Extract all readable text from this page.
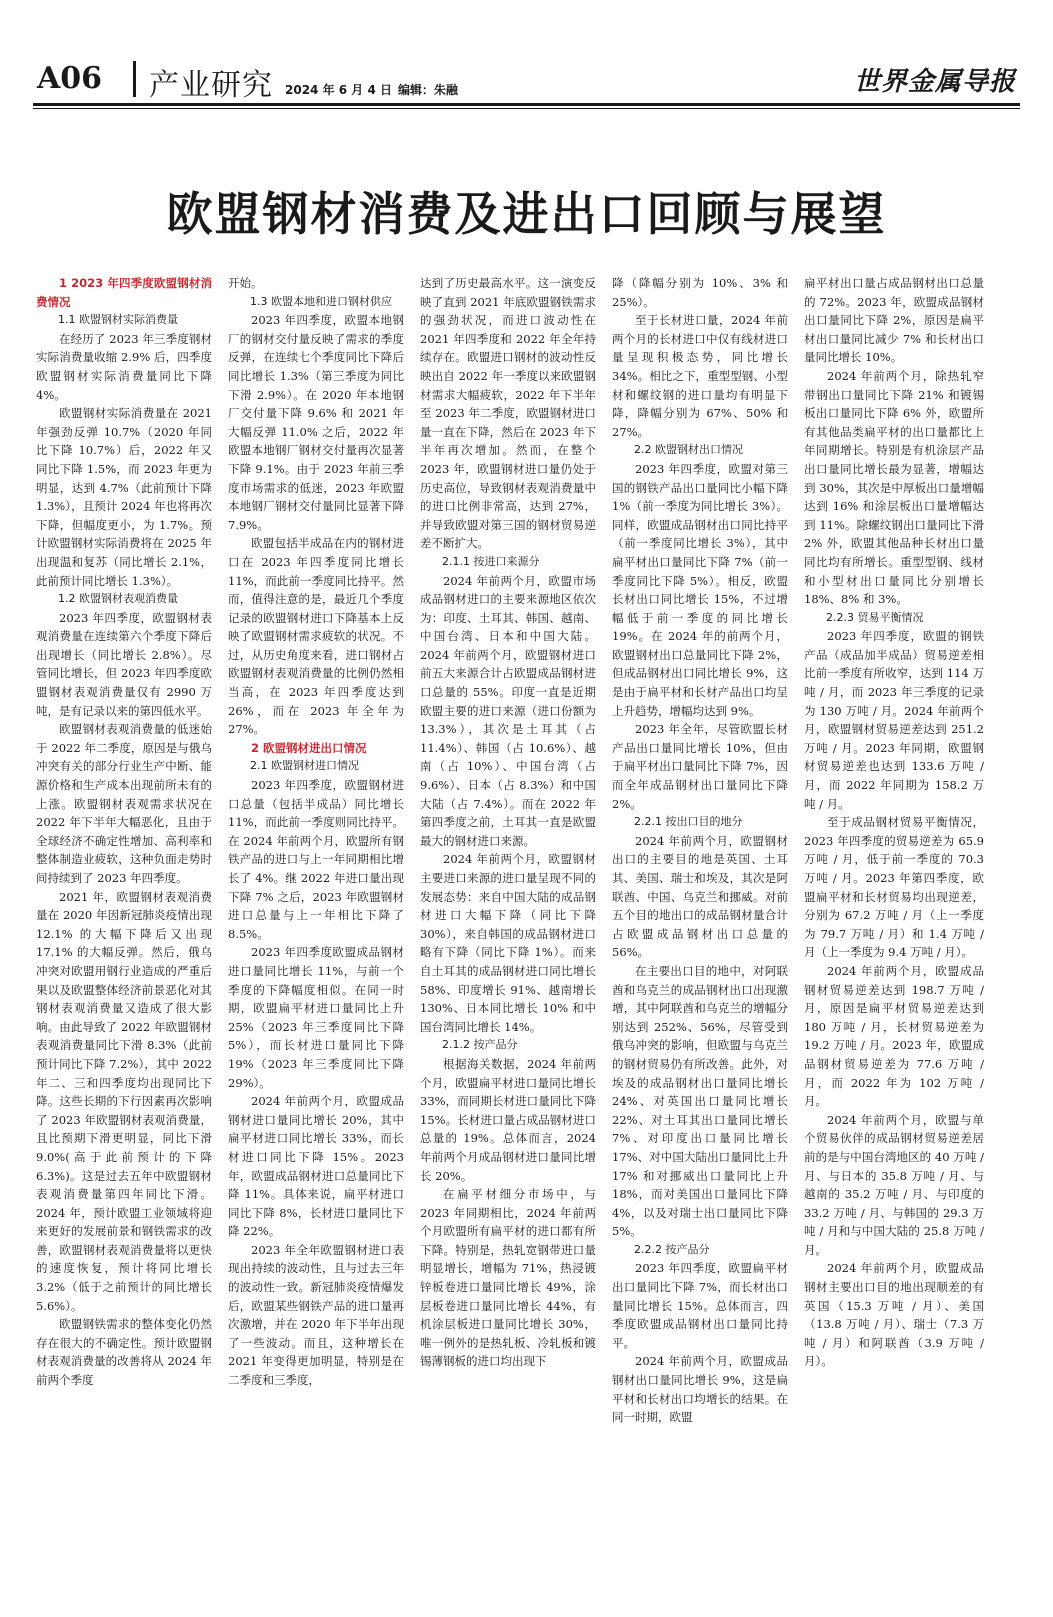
A06 产业研究 2024 年 6 月 4 日 编辑：朱融	世界金属导报
欧盟钢材消费及进出口回顾与展望

1 2023 年四季度欧盟钢材消费情况

1.1 欧盟钢材实际消费量

在经历了 2023 年三季度钢材实际消费量收缩 2.9% 后，四季度欧盟钢材实际消费量同比下降 4%。

欧盟钢材实际消费量在 2021 年强劲反弹 10.7%（2020 年同比下降 10.7%）后，2022 年又同比下降 1.5%，而 2023 年更为明显，达到 4.7%（此前预计下降 1.3%），且预计 2024 年也将再次下降，但幅度更小，为 1.7%。预计欧盟钢材实际消费将在 2025 年出现温和复苏（同比增长 2.1%，此前预计同比增长 1.3%）。

1.2 欧盟钢材表观消费量

2023 年四季度，欧盟钢材表观消费量在连续第六个季度下降后出现增长（同比增长 2.8%）。尽管同比增长，但 2023 年四季度欧盟钢材表观消费量仅有 2990 万吨，是有记录以来的第四低水平。

欧盟钢材表观消费量的低迷始于 2022 年二季度，原因是与俄乌冲突有关的部分行业生产中断、能源价格和生产成本出现前所未有的上涨。欧盟钢材表观需求状况在 2022 年下半年大幅恶化，且由于全球经济不确定性增加、高利率和整体制造业疲软，这种负面走势时间持续到了 2023 年四季度。

2021 年，欧盟钢材表观消费量在 2020 年因新冠肺炎疫情出现 12.1% 的大幅下降后又出现 17.1% 的大幅反弹。然后，俄乌冲突对欧盟用钢行业造成的严重后果以及欧盟整体经济前景恶化对其钢材表观消费量又造成了很大影响。由此导致了 2022 年欧盟钢材表观消费量同比下滑 8.3%（此前预计同比下降 7.2%），其中 2022 年二、三和四季度均出现同比下降。这些长期的下行因素再次影响了 2023 年欧盟钢材表观消费量，且比预期下滑更明显，同比下滑 9.0%(高于此前预计的下降 6.3%)。这是过去五年中欧盟钢材表观消费量第四年同比下滑。2024 年，预计欧盟工业领域将迎来更好的发展前景和钢铁需求的改善，欧盟钢材表观消费量将以更快的速度恢复，预计将同比增长 3.2%（低于之前预计的同比增长 5.6%）。

欧盟钢铁需求的整体变化仍然存在很大的不确定性。预计欧盟钢材表观消费量的改善将从 2024 年前两个季度

开始。

1.3 欧盟本地和进口钢材供应

2023 年四季度，欧盟本地钢厂的钢材交付量反映了需求的季度反弹，在连续七个季度同比下降后同比增长 1.3%（第三季度为同比下滑 2.9%）。在 2020 年本地钢厂交付量下降 9.6% 和 2021 年大幅反弹 11.0% 之后，2022 年欧盟本地钢厂钢材交付量再次显著下降 9.1%。由于 2023 年前三季度市场需求的低迷，2023 年欧盟本地钢厂钢材交付量同比显著下降 7.9%。

欧盟包括半成品在内的钢材进口在 2023 年四季度同比增长 11%，而此前一季度同比持平。然而，值得注意的是，最近几个季度记录的欧盟钢材进口下降基本上反映了欧盟钢材需求疲软的状况。不过，从历史角度来看，进口钢材占欧盟钢材表观消费量的比例仍然相当高，在 2023 年四季度达到 26%，而在 2023 年全年为 27%。

2 欧盟钢材进出口情况

2.1 欧盟钢材进口情况

2023 年四季度，欧盟钢材进口总量（包括半成品）同比增长 11%，而此前一季度则同比持平。在 2024 年前两个月，欧盟所有钢铁产品的进口与上一年同期相比增长了 4%。继 2022 年进口量出现下降 7% 之后，2023 年欧盟钢材进口总量与上一年相比下降了 8.5%。

2023 年四季度欧盟成品钢材进口量同比增长 11%，与前一个季度的下降幅度相似。在同一时期，欧盟扁平材进口量同比上升 25%（2023 年三季度同比下降 5%），而长材进口量同比下降 19%（2023 年三季度同比下降 29%）。

2024 年前两个月，欧盟成品钢材进口量同比增长 20%，其中扁平材进口同比增长 33%，而长材进口同比下降 15%。2023 年，欧盟成品钢材进口总量同比下降 11%。具体来说，扁平材进口同比下降 8%，长材进口量同比下降 22%。

2023 年全年欧盟钢材进口表现出持续的波动性，且与过去三年的波动性一致。新冠肺炎疫情爆发后，欧盟某些钢铁产品的进口量再次激增，并在 2020 年下半年出现了一些波动。而且，这种增长在 2021 年变得更加明显，特别是在二季度和三季度，

达到了历史最高水平。这一演变反映了直到 2021 年底欧盟钢铁需求的强劲状况，而进口波动性在 2021 年四季度和 2022 年全年持续存在。欧盟进口钢材的波动性反映出自 2022 年一季度以来欧盟钢材需求大幅疲软，2022 年下半年至 2023 年二季度，欧盟钢材进口量一直在下降，然后在 2023 年下半年再次增加。然而，在整个 2023 年，欧盟钢材进口量仍处于历史高位，导致钢材表观消费量中的进口比例非常高，达到 27%，并导致欧盟对第三国的钢材贸易逆差不断扩大。

2.1.1 按进口来源分

2024 年前两个月，欧盟市场成品钢材进口的主要来源地区依次为：印度、土耳其、韩国、越南、中国台湾、日本和中国大陆。2024 年前两个月，欧盟钢材进口前五大来源合计占欧盟成品钢材进口总量的 55%。印度一直是近期欧盟主要的进口来源（进口份额为 13.3%），其次是土耳其（占 11.4%）、韩国（占 10.6%）、越南（占 10%）、中国台湾（占 9.6%）、日本（占 8.3%）和中国大陆（占 7.4%）。而在 2022 年第四季度之前，土耳其一直是欧盟最大的钢材进口来源。

2024 年前两个月，欧盟钢材主要进口来源的进口量呈现不同的发展态势：来自中国大陆的成品钢材进口大幅下降（同比下降 30%），来自韩国的成品钢材进口略有下降（同比下降 1%）。而来自土耳其的成品钢材进口同比增长 58%、印度增长 91%、越南增长 130%、日本同比增长 10% 和中国台湾同比增长 14%。

2.1.2 按产品分

根据海关数据，2024 年前两个月，欧盟扁平材进口量同比增长 33%，而同期长材进口量同比下降 15%。长材进口量占成品钢材进口总量的 19%。总体而言，2024 年前两个月成品钢材进口量同比增长 20%。

在扁平材细分市场中，与 2023 年同期相比，2024 年前两个月欧盟所有扁平材的进口都有所下降。特别是，热轧宽钢带进口量明显增长，增幅为 71%，热浸镀锌板卷进口量同比增长 49%，涂层板卷进口量同比增长 44%，有机涂层板进口量同比增长 30%，唯一例外的是热轧板、冷轧板和镀锡薄钢板的进口均出现下

降（降幅分别为 10%、3% 和 25%）。

至于长材进口量，2024 年前两个月的长材进口中仅有线材进口量呈现积极态势，同比增长 34%。相比之下，重型型钢、小型材和螺纹钢的进口量均有明显下降，降幅分别为 67%、50% 和 27%。

2.2 欧盟钢材出口情况

2023 年四季度，欧盟对第三国的钢铁产品出口量同比小幅下降 1%（前一季度为同比增长 3%）。同样，欧盟成品钢材出口同比持平（前一季度同比增长 3%），其中扁平材出口量同比下降 7%（前一季度同比下降 5%）。相反，欧盟长材出口同比增长 15%，不过增幅低于前一季度的同比增长 19%。在 2024 年的前两个月，欧盟钢材出口总量同比下降 2%，但成品钢材出口同比增长 9%，这是由于扁平材和长材产品出口均呈上升趋势，增幅均达到 9%。

2023 年全年，尽管欧盟长材产品出口量同比增长 10%，但由于扁平材出口量同比下降 7%，因而全年成品钢材出口量同比下降 2%。

2.2.1 按出口目的地分

2024 年前两个月，欧盟钢材出口的主要目的地是英国、土耳其、美国、瑞士和埃及，其次是阿联酋、中国、乌克兰和挪威。对前五个目的地出口的成品钢材量合计占欧盟成品钢材出口总量的 56%。

在主要出口目的地中，对阿联酋和乌克兰的成品钢材出口出现激增，其中阿联酋和乌克兰的增幅分别达到 252%、56%，尽管受到俄乌冲突的影响，但欧盟与乌克兰的钢材贸易仍有所改善。此外，对埃及的成品钢材出口量同比增长 24%、对英国出口量同比增长 22%、对土耳其出口量同比增长 7%、对印度出口量同比增长 17%、对中国大陆出口量同比上升 17% 和对挪威出口量同比上升 18%，而对美国出口量同比下降 4%，以及对瑞士出口量同比下降 5%。

2.2.2 按产品分

2023 年四季度，欧盟扁平材出口量同比下降 7%，而长材出口量同比增长 15%。总体而言，四季度欧盟成品钢材出口量同比持平。

2024 年前两个月，欧盟成品钢材出口量同比增长 9%，这是扁平材和长材出口均增长的结果。在同一时期，欧盟

扁平材出口量占成品钢材出口总量的 72%。2023 年，欧盟成品钢材出口量同比下降 2%，原因是扁平材出口量同比减少 7% 和长材出口量同比增长 10%。

2024 年前两个月，除热轧窄带钢出口量同比下降 21% 和镀锡板出口量同比下降 6% 外，欧盟所有其他品类扁平材的出口量都比上年同期增长。特别是有机涂层产品出口量同比增长最为显著，增幅达到 30%，其次是中厚板出口量增幅达到 16% 和涂层板出口量增幅达到 11%。除螺纹钢出口量同比下滑 2% 外，欧盟其他品种长材出口量同比均有所增长。重型型钢、线材和小型材出口量同比分别增长 18%、8% 和 3%。

2.2.3 贸易平衡情况

2023 年四季度，欧盟的钢铁产品（成品加半成品）贸易逆差相比前一季度有所收窄，达到 114 万吨 / 月，而 2023 年三季度的记录为 130 万吨 / 月。2024 年前两个月，欧盟钢材贸易逆差达到 251.2 万吨 / 月。2023 年同期，欧盟钢材贸易逆差也达到 133.6 万吨 / 月，而 2022 年同期为 158.2 万吨 / 月。

至于成品钢材贸易平衡情况，2023 年四季度的贸易逆差为 65.9 万吨 / 月，低于前一季度的 70.3 万吨 / 月。2023 年第四季度，欧盟扁平材和长材贸易均出现逆差，分别为 67.2 万吨 / 月（上一季度为 79.7 万吨 / 月）和 1.4 万吨 / 月（上一季度为 9.4 万吨 / 月）。

2024 年前两个月，欧盟成品钢材贸易逆差达到 198.7 万吨 / 月，原因是扁平材贸易逆差达到 180 万吨 / 月，长材贸易逆差为 19.2 万吨 / 月。2023 年，欧盟成品钢材贸易逆差为 77.6 万吨 / 月，而 2022 年为 102 万吨 / 月。

2024 年前两个月，欧盟与单个贸易伙伴的成品钢材贸易逆差居前的是与中国台湾地区的 40 万吨 / 月、与日本的 35.8 万吨 / 月、与越南的 35.2 万吨 / 月、与印度的 33.2 万吨 / 月、与韩国的 29.3 万吨 / 月和与中国大陆的 25.8 万吨 / 月。

2024 年前两个月，欧盟成品钢材主要出口目的地出现顺差的有英国（15.3 万吨 / 月）、美国（13.8 万吨 / 月）、瑞士（7.3 万吨 / 月）和阿联酋（3.9 万吨 / 月）。
